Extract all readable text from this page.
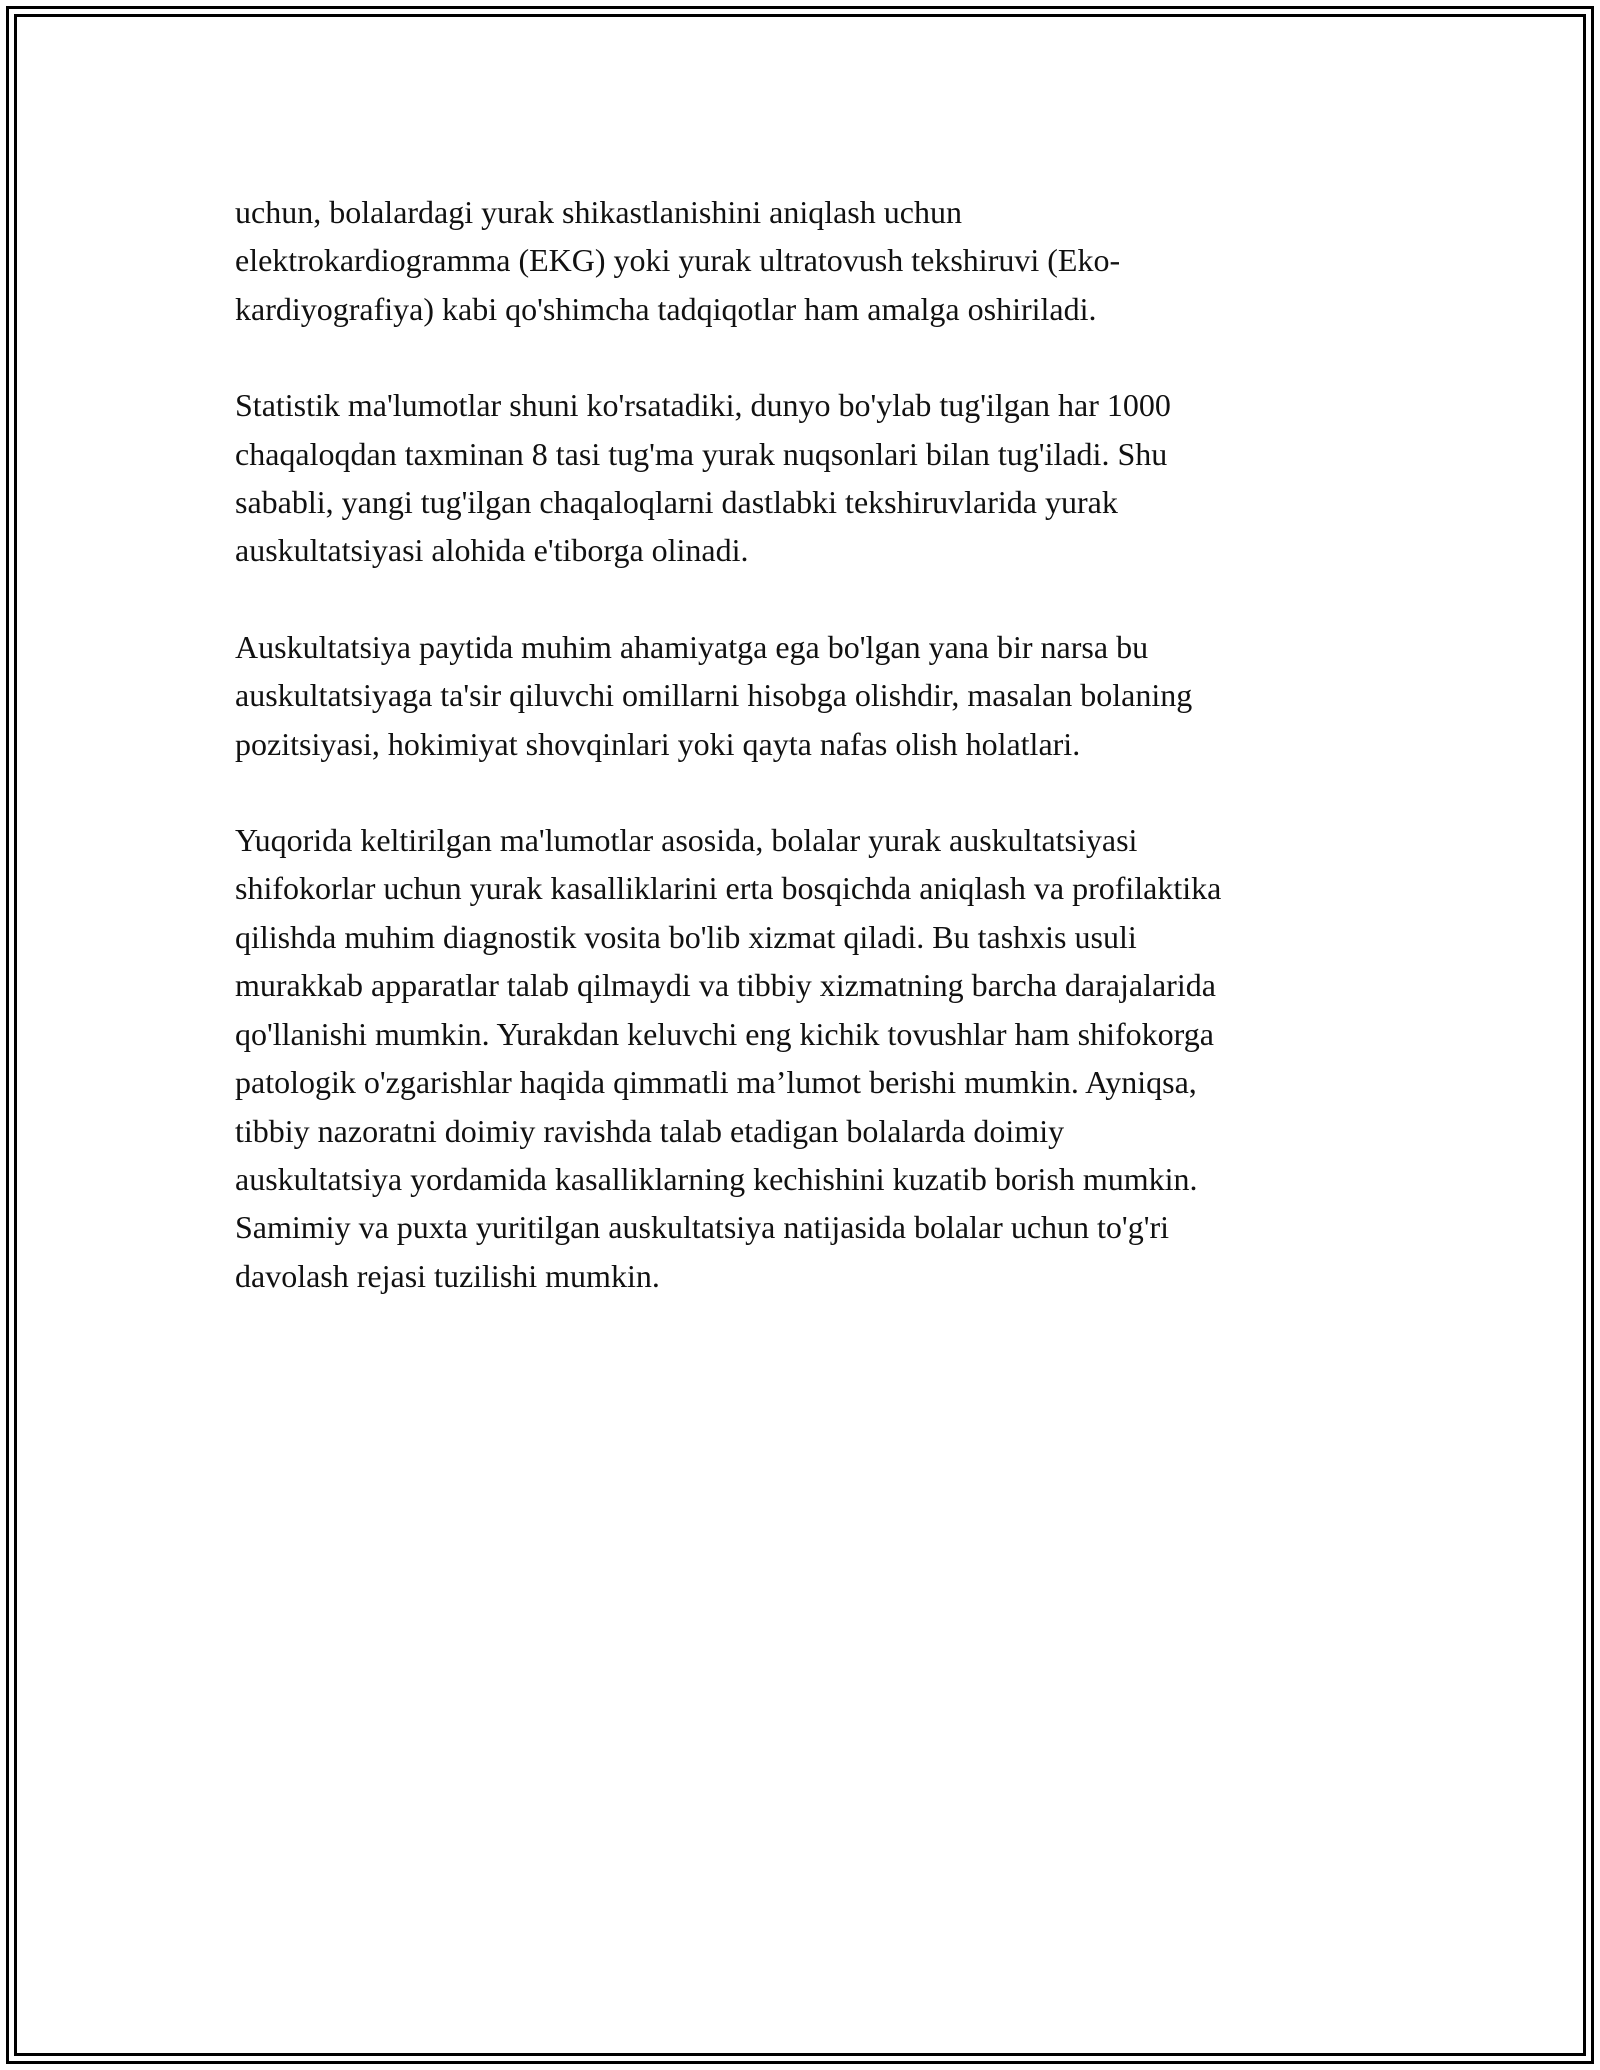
uchun, bolalardagi yurak shikastlanishini aniqlash uchun
elektrokardiogramma (EKG) yoki yurak ultratovush tekshiruvi (Eko-
kardiyografiya) kabi qo'shimcha tadqiqotlar ham amalga oshiriladi.

Statistik ma'lumotlar shuni ko'rsatadiki, dunyo bo'ylab tug'ilgan har 1000
chaqaloqdan taxminan 8 tasi tug'ma yurak nuqsonlari bilan tug'iladi. Shu
sababli, yangi tug'ilgan chaqaloqlarni dastlabki tekshiruvlarida yurak
auskultatsiyasi alohida e'tiborga olinadi.

Auskultatsiya paytida muhim ahamiyatga ega bo'lgan yana bir narsa bu
auskultatsiyaga ta'sir qiluvchi omillarni hisobga olishdir, masalan bolaning
pozitsiyasi, hokimiyat shovqinlari yoki qayta nafas olish holatlari.

Yuqorida keltirilgan ma'lumotlar asosida, bolalar yurak auskultatsiyasi
shifokorlar uchun yurak kasalliklarini erta bosqichda aniqlash va profilaktika
qilishda muhim diagnostik vosita bo'lib xizmat qiladi. Bu tashxis usuli
murakkab apparatlar talab qilmaydi va tibbiy xizmatning barcha darajalarida
qo'llanishi mumkin. Yurakdan keluvchi eng kichik tovushlar ham shifokorga
patologik o'zgarishlar haqida qimmatli ma’lumot berishi mumkin. Ayniqsa,
tibbiy nazoratni doimiy ravishda talab etadigan bolalarda doimiy
auskultatsiya yordamida kasalliklarning kechishini kuzatib borish mumkin.
Samimiy va puxta yuritilgan auskultatsiya natijasida bolalar uchun to'g'ri
davolash rejasi tuzilishi mumkin.
